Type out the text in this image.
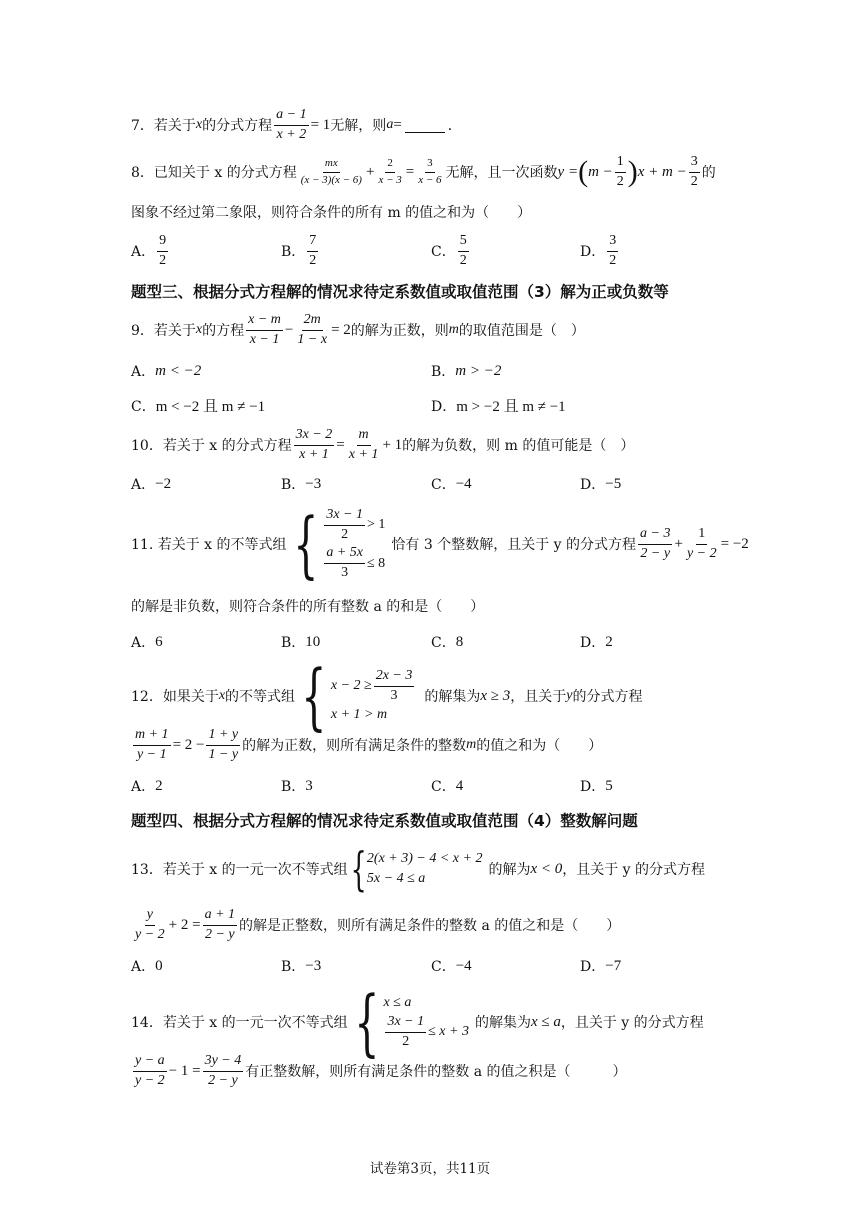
7．若关于 x 的分式方程 $\frac{a - 1}{x + 2} = 1$ 无解，则 a =	．
8．已知关于 x 的分式方程 $\frac{mx}{(x - 3)(x - 6)} + \frac{2}{x - 3} = \frac{3}{x - 6}$ 无解，且一次函数 y = ( $m - \frac{1}{2}$ ) $x + m - \frac{3}{2}$ 的
图象不经过第二象限，则符合条件的所有 m 的值之和为（　　）
A． $\frac{9}{2}$	B． $\frac{7}{2}$	C． $\frac{5}{2}$	D． $\frac{3}{2}$
题型三、根据分式方程解的情况求待定系数值或取值范围（3）解为正或负数等
9．若关于 x 的方程 $\frac{x - m}{x - 1} - \frac{2m}{1 - x} = 2$ 的解为正数，则 m 的取值范围是（　）
A． m < −2	B． m > −2
C． m < −2 且 m ≠ −1	D． m > −2 且 m ≠ −1
10．若关于 x 的分式方程 $\frac{3x - 2}{x + 1} = \frac{m}{x + 1} + 1$ 的解为负数，则 m 的值可能是（　）
A． −2	B． −3	C． −4	D． −5
11. 若关于 x 的不等式组 { $\frac{3x - 1}{2} > 1$
$\frac{a + 5x}{3} \le 8$
恰有 3 个整数解，且关于 y 的分式方程 $\frac{a - 3}{2 - y} + \frac{1}{y - 2} = -2$
的解是非负数，则符合条件的所有整数 a 的和是（　　）
A． 6	B． 10	C． 8	D． 2
12．如果关于 x 的不等式组 { $x - 2 \ge \frac{2x - 3}{3}$
x + 1 > m
的解集为 x ≥ 3 ，且关于 y 的分式方程
$\frac{m + 1}{y - 1} = 2 - \frac{1 + y}{1 - y}$ 的解为正数，则所有满足条件的整数 m 的值之和为（　　）
A． 2	B． 3	C． 4	D． 5
题型四、根据分式方程解的情况求待定系数值或取值范围（4）整数解问题
13．若关于 x 的一元一次不等式组 { 2(x + 3) − 4 < x + 2
5x − 4 ≤ a
的解为 x < 0 ，且关于 y 的分式方程
$\frac{y}{y - 2} + 2 = \frac{a + 1}{2 - y}$ 的解是正整数，则所有满足条件的整数 a 的值之和是（　　）
A． 0	B． −3	C． −4	D． −7
14．若关于 x 的一元一次不等式组 { x ≤ a
$\frac{3x - 1}{2} \le x + 3$
的解集为 x ≤ a ，且关于 y 的分式方程
$\frac{y - a}{y - 2} - 1 = \frac{3y - 4}{2 - y}$ 有正整数解，则所有满足条件的整数 a 的值之积是（　　　）
试卷第3页，共11页
